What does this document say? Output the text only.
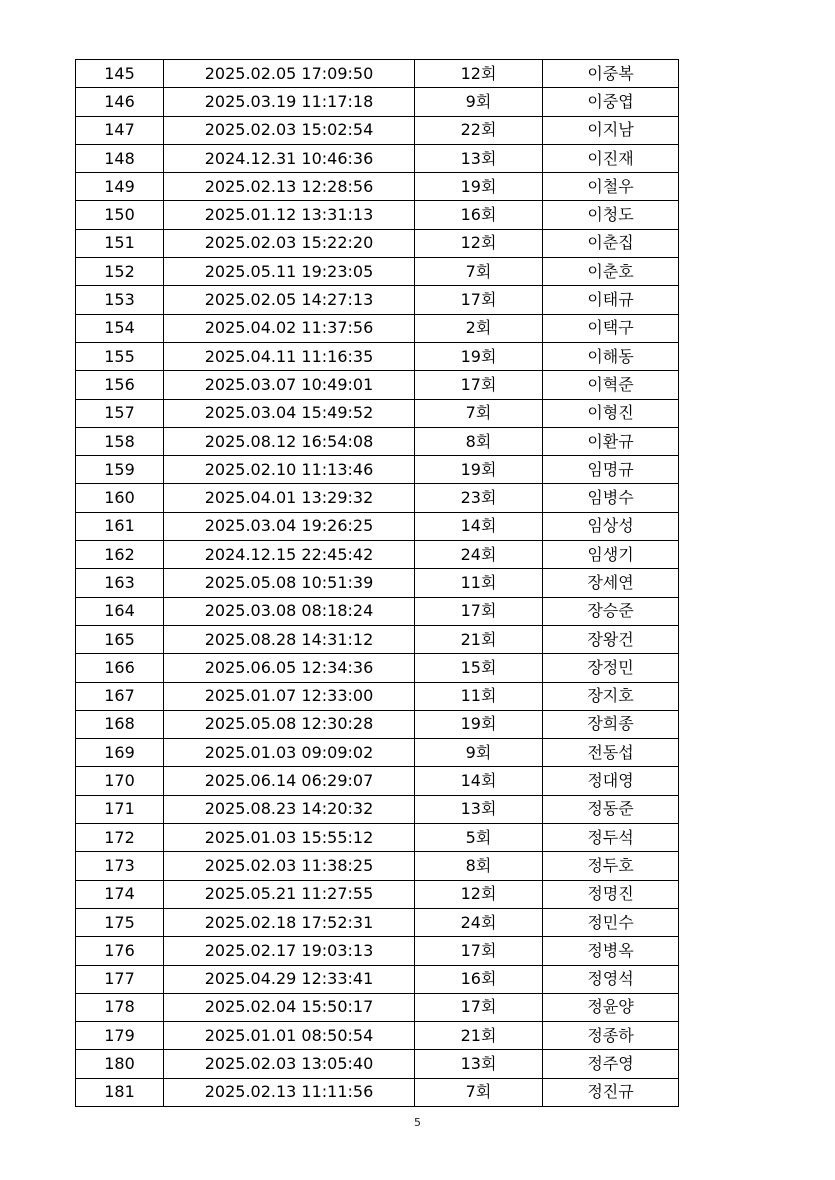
145	2025.02.05 17:09:50	12회	이중복
146	2025.03.19 11:17:18	9회	이중엽
147	2025.02.03 15:02:54	22회	이지남
148	2024.12.31 10:46:36	13회	이진재
149	2025.02.13 12:28:56	19회	이철우
150	2025.01.12 13:31:13	16회	이청도
151	2025.02.03 15:22:20	12회	이춘집
152	2025.05.11 19:23:05	7회	이춘호
153	2025.02.05 14:27:13	17회	이태규
154	2025.04.02 11:37:56	2회	이택구
155	2025.04.11 11:16:35	19회	이해동
156	2025.03.07 10:49:01	17회	이혁준
157	2025.03.04 15:49:52	7회	이형진
158	2025.08.12 16:54:08	8회	이환규
159	2025.02.10 11:13:46	19회	임명규
160	2025.04.01 13:29:32	23회	임병수
161	2025.03.04 19:26:25	14회	임상성
162	2024.12.15 22:45:42	24회	임생기
163	2025.05.08 10:51:39	11회	장세연
164	2025.03.08 08:18:24	17회	장승준
165	2025.08.28 14:31:12	21회	장왕건
166	2025.06.05 12:34:36	15회	장정민
167	2025.01.07 12:33:00	11회	장지호
168	2025.05.08 12:30:28	19회	장희종
169	2025.01.03 09:09:02	9회	전동섭
170	2025.06.14 06:29:07	14회	정대영
171	2025.08.23 14:20:32	13회	정동준
172	2025.01.03 15:55:12	5회	정두석
173	2025.02.03 11:38:25	8회	정두호
174	2025.05.21 11:27:55	12회	정명진
175	2025.02.18 17:52:31	24회	정민수
176	2025.02.17 19:03:13	17회	정병옥
177	2025.04.29 12:33:41	16회	정영석
178	2025.02.04 15:50:17	17회	정윤양
179	2025.01.01 08:50:54	21회	정종하
180	2025.02.03 13:05:40	13회	정주영
181	2025.02.13 11:11:56	7회	정진규
5
